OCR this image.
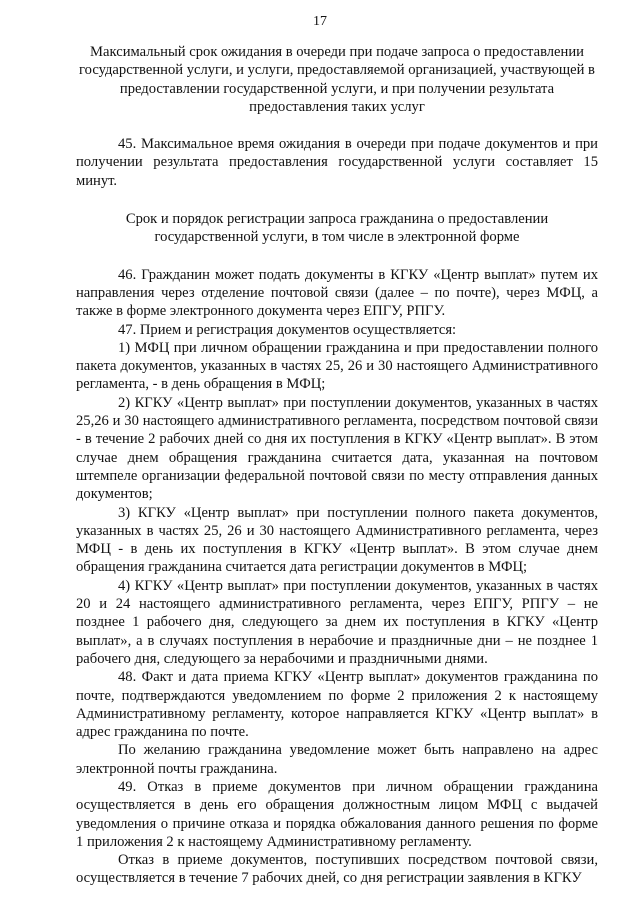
17

Максимальный срок ожидания в очереди при подаче запроса о предоставлении государственной услуги, и услуги, предоставляемой организацией, участвующей в предоставлении государственной услуги, и при получении результата предоставления таких услуг

45. Максимальное время ожидания в очереди при подаче документов и при получении результата предоставления государственной услуги составляет 15 минут.

Срок и порядок регистрации запроса гражданина о предоставлении государственной услуги, в том числе в электронной форме

46. Гражданин может подать документы в КГКУ «Центр выплат» путем их направления через отделение почтовой связи (далее – по почте), через МФЦ, а также в форме электронного документа через ЕПГУ, РПГУ.

47. Прием и регистрация документов осуществляется:

1) МФЦ при личном обращении гражданина и при предоставлении полного пакета документов, указанных в частях 25, 26 и 30 настоящего Административного регламента, - в день обращения в МФЦ;

2) КГКУ «Центр выплат» при поступлении документов, указанных в частях 25,26 и 30 настоящего административного регламента, посредством почтовой связи - в течение 2 рабочих дней со дня их поступления в КГКУ «Центр выплат». В этом случае днем обращения гражданина считается дата, указанная на почтовом штемпеле организации федеральной почтовой связи по месту отправления данных документов;

3) КГКУ «Центр выплат» при поступлении полного пакета документов, указанных в частях 25, 26 и 30 настоящего Административного регламента, через МФЦ - в день их поступления в КГКУ «Центр выплат». В этом случае днем обращения гражданина считается дата регистрации документов в МФЦ;

4) КГКУ «Центр выплат» при поступлении документов, указанных в частях 20 и 24 настоящего административного регламента, через ЕПГУ, РПГУ – не позднее 1 рабочего дня, следующего за днем их поступления в КГКУ «Центр выплат», а в случаях поступления в нерабочие и праздничные дни – не позднее 1 рабочего дня, следующего за нерабочими и праздничными днями.

48. Факт и дата приема КГКУ «Центр выплат» документов гражданина по почте, подтверждаются уведомлением по форме 2 приложения 2 к настоящему Административному регламенту, которое направляется КГКУ «Центр выплат» в адрес гражданина по почте.

По желанию гражданина уведомление может быть направлено на адрес электронной почты гражданина.

49. Отказ в приеме документов при личном обращении гражданина осуществляется в день его обращения должностным лицом МФЦ с выдачей уведомления о причине отказа и порядка обжалования данного решения по форме 1 приложения 2 к настоящему Административному регламенту.

Отказ в приеме документов, поступивших посредством почтовой связи, осуществляется в течение 7 рабочих дней, со дня регистрации заявления в КГКУ
